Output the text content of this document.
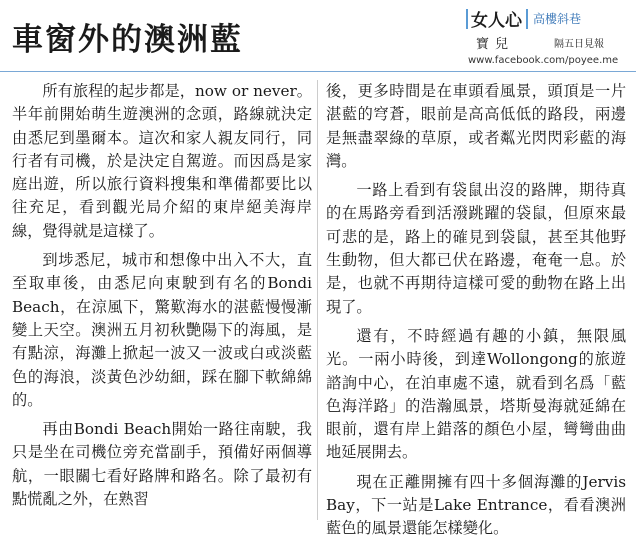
車窗外的澳洲藍
女人心 高樓斜巷
寶兒	隔五日見報
www.facebook.com/poyee.me

所有旅程的起步都是，now or never。半年前開始萌生遊澳洲的念頭，路線就決定由悉尼到墨爾本。這次和家人親友同行，同行者有司機，於是決定自駕遊。而因爲是家庭出遊，所以旅行資料搜集和準備都要比以往充足，看到觀光局介紹的東岸絕美海岸線，覺得就是這樣了。

到埗悉尼，城市和想像中出入不大，直至取車後，由悉尼向東駛到有名的Bondi Beach，在涼風下，驚歎海水的湛藍慢慢漸變上天空。澳洲五月初秋艷陽下的海風，是有點涼，海灘上掀起一波又一波或白或淡藍色的海浪，淡黃色沙幼細，踩在腳下軟綿綿的。

再由Bondi Beach開始一路往南駛，我只是坐在司機位旁充當副手，預備好兩個導航，一眼關七看好路牌和路名。除了最初有點慌亂之外，在熟習

後，更多時間是在車頭看風景，頭頂是一片湛藍的穹蒼，眼前是高高低低的路段，兩邊是無盡翠綠的草原，或者粼光閃閃彩藍的海灣。

一路上看到有袋鼠出沒的路牌，期待真的在馬路旁看到活潑跳躍的袋鼠，但原來最可悲的是，路上的確見到袋鼠，甚至其他野生動物，但大都已伏在路邊，奄奄一息。於是，也就不再期待這樣可愛的動物在路上出現了。

還有，不時經過有趣的小鎮，無限風光。一兩小時後，到達Wollongong的旅遊諮詢中心，在泊車處不遠，就看到名爲「藍色海洋路」的浩瀚風景，塔斯曼海就延綿在眼前，還有岸上錯落的顏色小屋，彎彎曲曲地延展開去。

現在正離開擁有四十多個海灘的Jervis Bay，下一站是Lake Entrance，看看澳洲藍色的風景還能怎樣變化。
